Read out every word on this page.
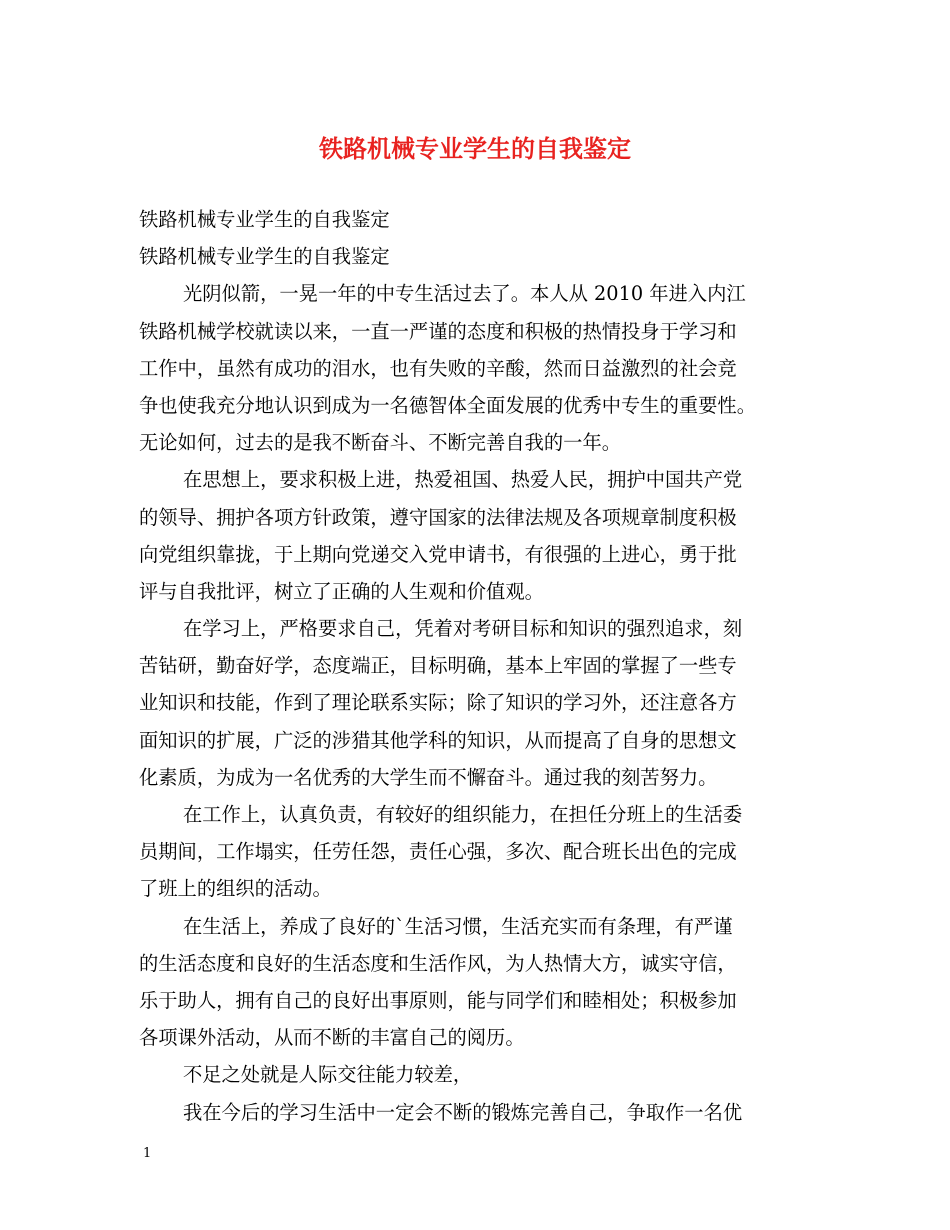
铁路机械专业学生的自我鉴定
铁路机械专业学生的自我鉴定
铁路机械专业学生的自我鉴定
光阴似箭，一晃一年的中专生活过去了。本人从 2010 年进入内江
铁路机械学校就读以来，一直一严谨的态度和积极的热情投身于学习和
工作中，虽然有成功的泪水，也有失败的辛酸，然而日益激烈的社会竞
争也使我充分地认识到成为一名德智体全面发展的优秀中专生的重要性。
无论如何，过去的是我不断奋斗、不断完善自我的一年。
在思想上，要求积极上进，热爱祖国、热爱人民，拥护中国共产党
的领导、拥护各项方针政策，遵守国家的法律法规及各项规章制度积极
向党组织靠拢，于上期向党递交入党申请书，有很强的上进心，勇于批
评与自我批评，树立了正确的人生观和价值观。
在学习上，严格要求自己，凭着对考研目标和知识的强烈追求，刻
苦钻研，勤奋好学，态度端正，目标明确，基本上牢固的掌握了一些专
业知识和技能，作到了理论联系实际；除了知识的学习外，还注意各方
面知识的扩展，广泛的涉猎其他学科的知识，从而提高了自身的思想文
化素质，为成为一名优秀的大学生而不懈奋斗。通过我的刻苦努力。
在工作上，认真负责，有较好的组织能力，在担任分班上的生活委
员期间，工作塌实，任劳任怨，责任心强，多次、配合班长出色的完成
了班上的组织的活动。
在生活上，养成了良好的`生活习惯，生活充实而有条理，有严谨
的生活态度和良好的生活态度和生活作风，为人热情大方，诚实守信，
乐于助人，拥有自己的良好出事原则，能与同学们和睦相处；积极参加
各项课外活动，从而不断的丰富自己的阅历。
不足之处就是人际交往能力较差，
我在今后的学习生活中一定会不断的锻炼完善自己，争取作一名优
1
